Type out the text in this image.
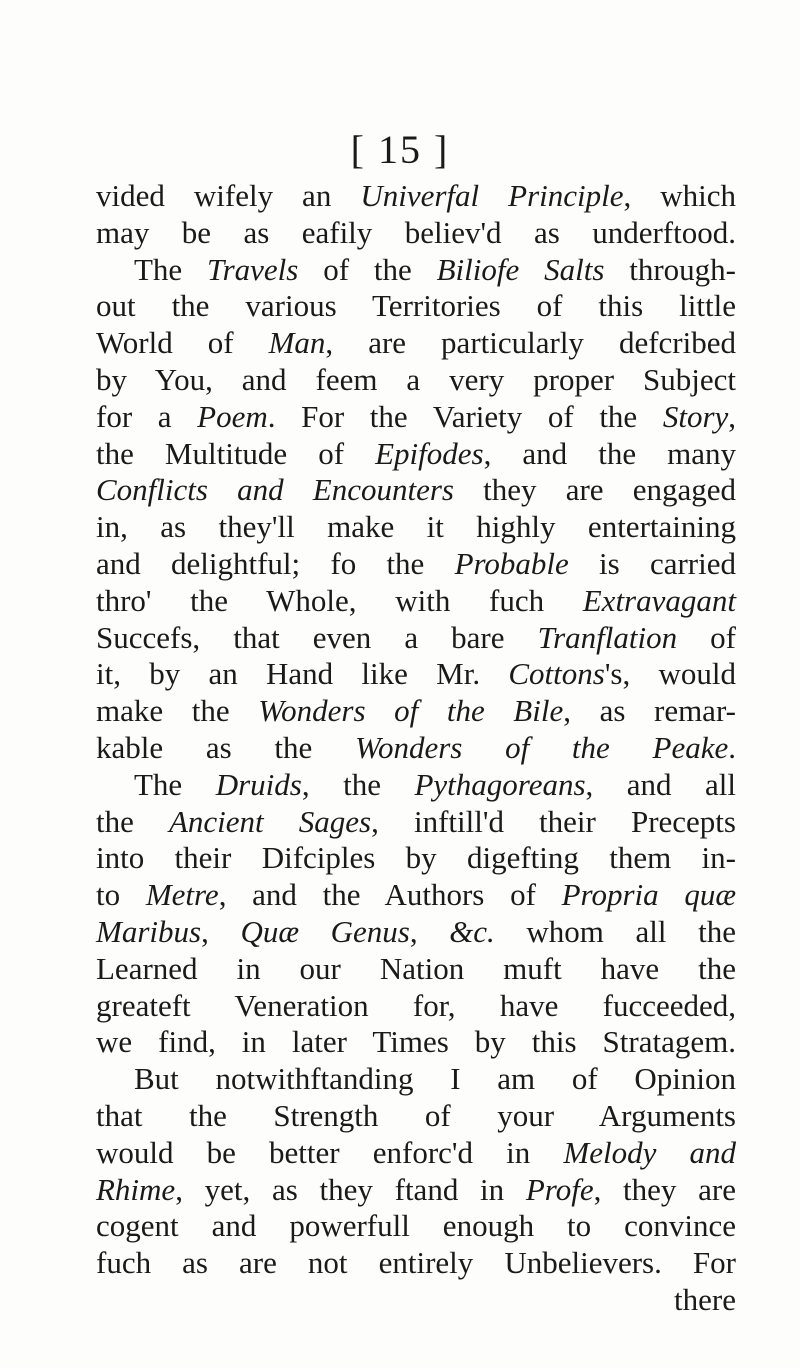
[ 15 ]
vided wifely an Univerfal Principle, which
may be as eafily believ'd as underftood.
The Travels of the Biliofe Salts through-
out the various Territories of this little
World of Man, are particularly defcribed
by You, and feem a very proper Subject
for a Poem. For the Variety of the Story,
the Multitude of Epifodes, and the many
Conflicts and Encounters they are engaged
in, as they'll make it highly entertaining
and delightful; fo the Probable is carried
thro' the Whole, with fuch Extravagant
Succefs, that even a bare Tranflation of
it, by an Hand like Mr. Cottons's, would
make the Wonders of the Bile, as remar-
kable as the Wonders of the Peake.
The Druids, the Pythagoreans, and all
the Ancient Sages, inftill'd their Precepts
into their Difciples by digefting them in-
to Metre, and the Authors of Propria quæ
Maribus, Quæ Genus, &c. whom all the
Learned in our Nation muft have the
greateft Veneration for, have fucceeded,
we find, in later Times by this Stratagem.
But notwithftanding I am of Opinion
that the Strength of your Arguments
would be better enforc'd in Melody and
Rhime, yet, as they ftand in Profe, they are
cogent and powerfull enough to convince
fuch as are not entirely Unbelievers. For
there
